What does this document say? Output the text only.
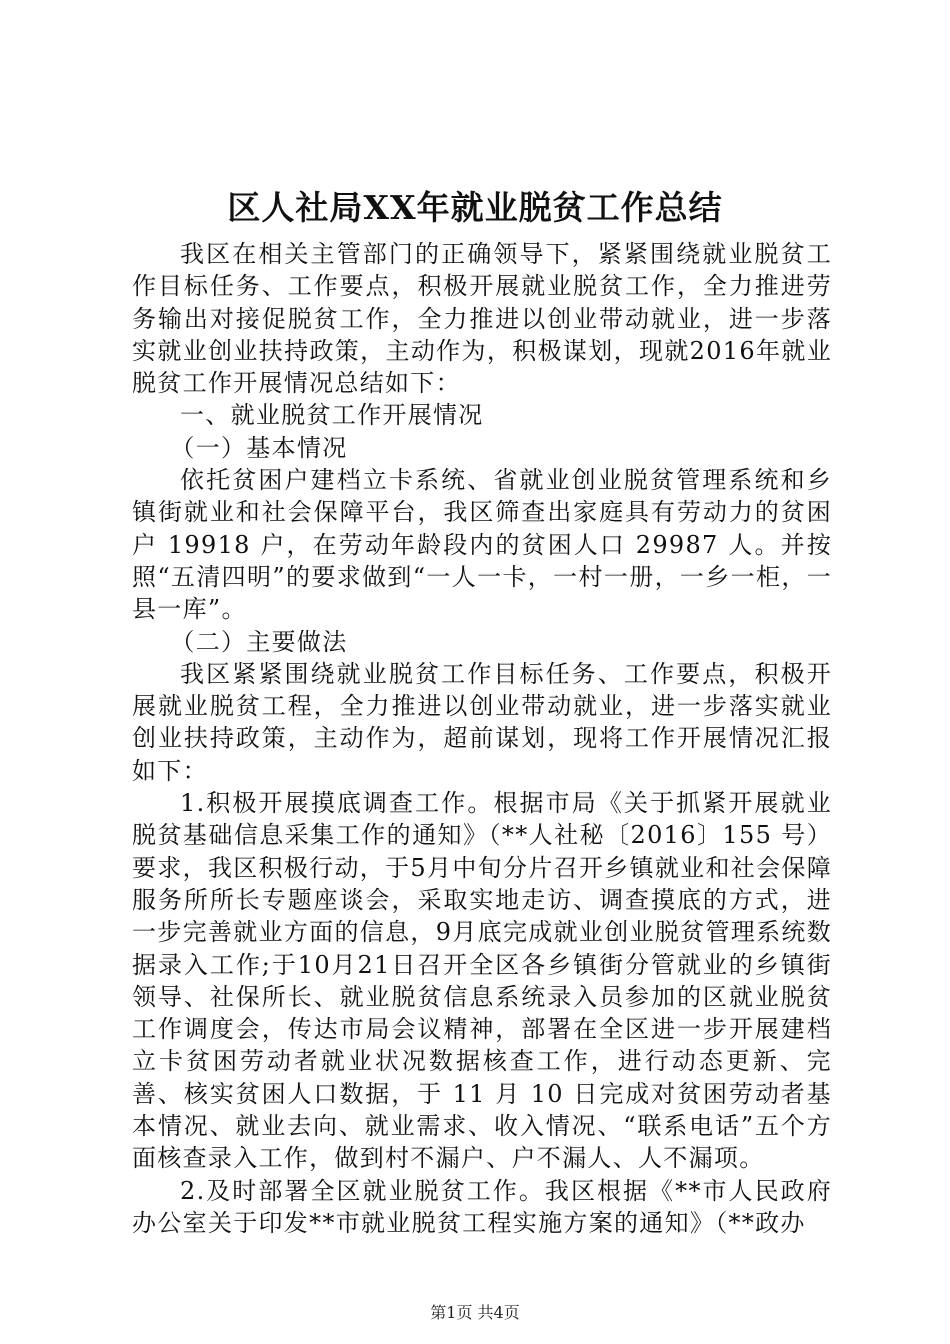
区人社局XX年就业脱贫工作总结

我区在相关主管部门的正确领导下，紧紧围绕就业脱贫工作目标任务、工作要点，积极开展就业脱贫工作，全力推进劳务输出对接促脱贫工作，全力推进以创业带动就业，进一步落实就业创业扶持政策，主动作为，积极谋划，现就2016年就业脱贫工作开展情况总结如下：

一、就业脱贫工作开展情况

（一）基本情况

依托贫困户建档立卡系统、省就业创业脱贫管理系统和乡镇街就业和社会保障平台，我区筛查出家庭具有劳动力的贫困户 19918 户，在劳动年龄段内的贫困人口 29987 人。并按照“五清四明”的要求做到“一人一卡，一村一册，一乡一柜，一县一库”。

（二）主要做法

我区紧紧围绕就业脱贫工作目标任务、工作要点，积极开展就业脱贫工程，全力推进以创业带动就业，进一步落实就业创业扶持政策，主动作为，超前谋划，现将工作开展情况汇报如下：

1.积极开展摸底调查工作。根据市局《关于抓紧开展就业脱贫基础信息采集工作的通知》（**人社秘〔2016〕155 号）要求，我区积极行动，于5月中旬分片召开乡镇就业和社会保障服务所所长专题座谈会，采取实地走访、调查摸底的方式，进一步完善就业方面的信息，9月底完成就业创业脱贫管理系统数据录入工作;于10月21日召开全区各乡镇街分管就业的乡镇街领导、社保所长、就业脱贫信息系统录入员参加的区就业脱贫工作调度会，传达市局会议精神，部署在全区进一步开展建档立卡贫困劳动者就业状况数据核查工作，进行动态更新、完善、核实贫困人口数据，于 11 月 10 日完成对贫困劳动者基本情况、就业去向、就业需求、收入情况、“联系电话”五个方面核查录入工作，做到村不漏户、户不漏人、人不漏项。

2.及时部署全区就业脱贫工作。我区根据《**市人民政府办公室关于印发**市就业脱贫工程实施方案的通知》（**政办

第1页 共4页
